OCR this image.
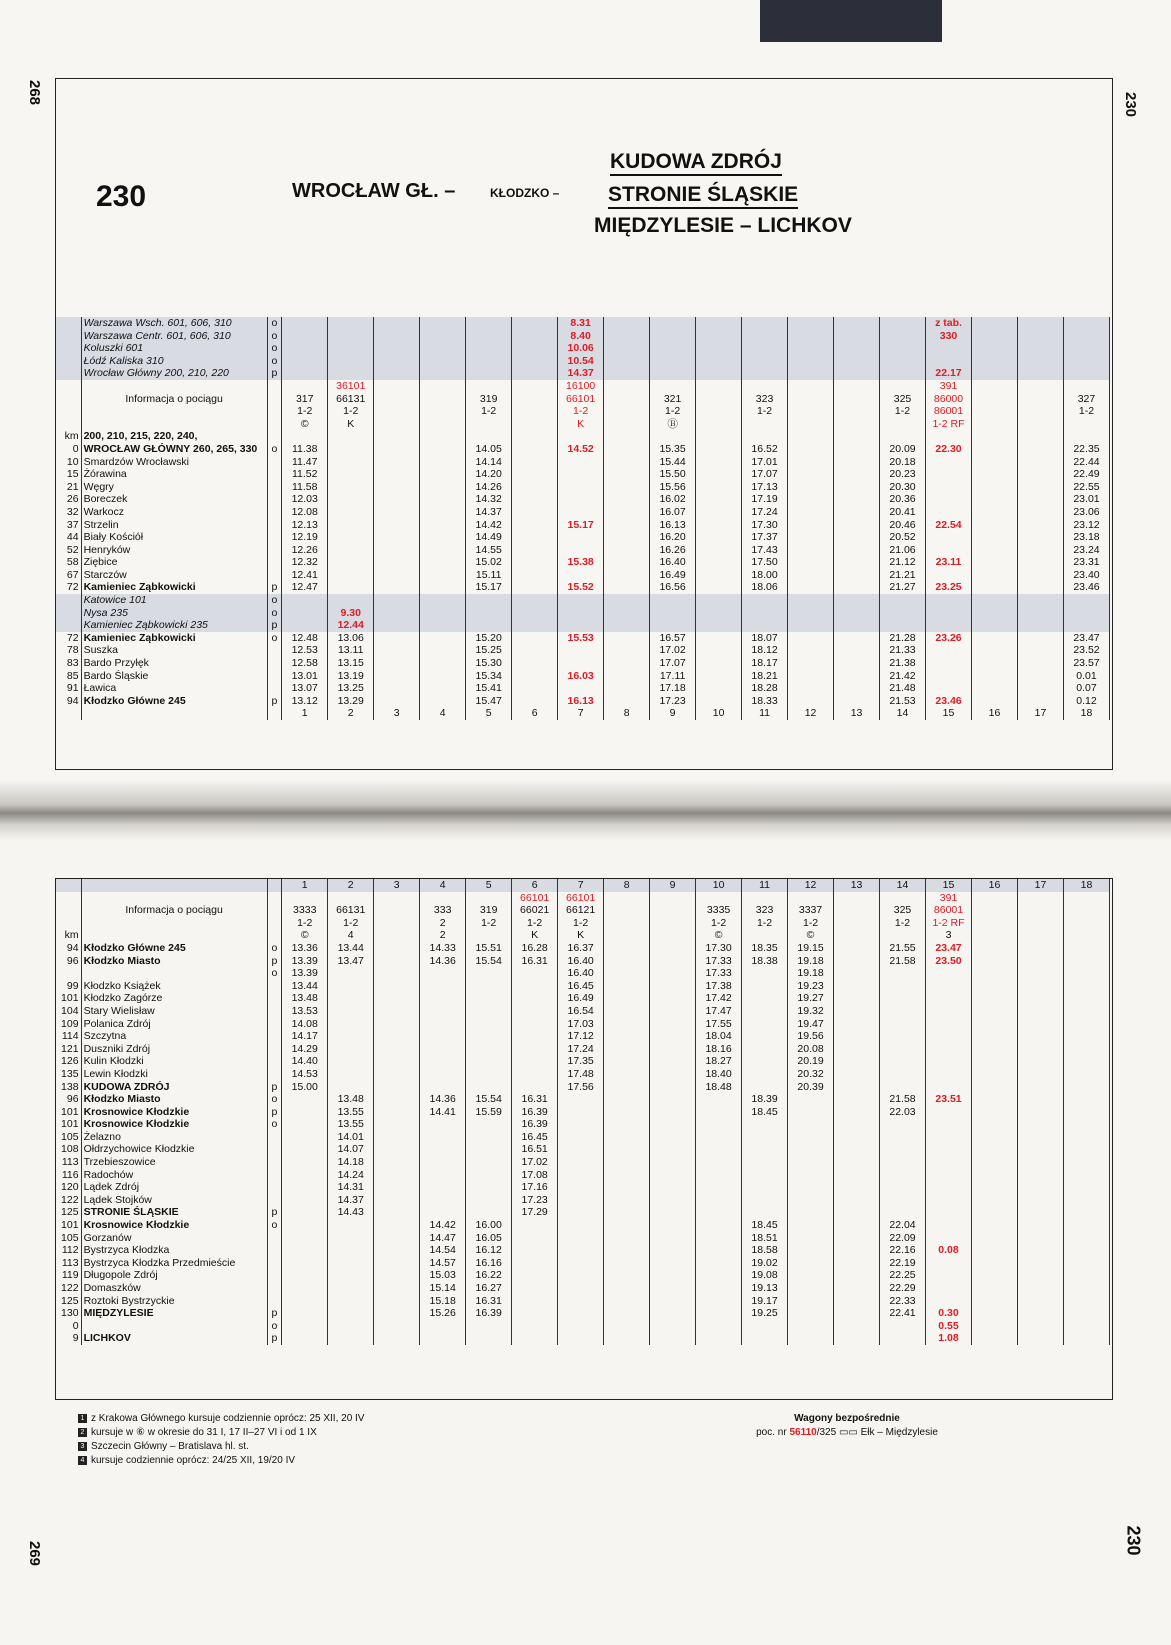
268	230
269	230
230	WROCŁAW GŁ. –	KŁODZKO –
KUDOWA ZDRÓJ
STRONIE ŚLĄSKIE
MIĘDZYLESIE – LICHKOV
	Warszawa Wsch. 601, 606, 310	o							8.31								z tab.			
	Warszawa Centr. 601, 606, 310	o							8.40								330			
	Koluszki 601	o							10.06											
	Łódź Kaliska 310	o							10.54											
	Wrocław Główny 200, 210, 220	p							14.37								22.17			
				36101					16100								391			
	Informacja o pociągu		317	66131			319		66101		321		323			325	86000			327
			1-2	1-2			1-2		1-2		1-2		1-2			1-2	86001			1-2
			©	K					K		Ⓑ						1-2 RF			
km	200, 210, 215, 220, 240,																			
0	WROCŁAW GŁÓWNY 260, 265, 330	o	11.38				14.05		14.52		15.35		16.52			20.09	22.30			22.35
10	Smardzów Wrocławski		11.47				14.14				15.44		17.01			20.18				22.44
15	Żórawina		11.52				14.20				15.50		17.07			20.23				22.49
21	Węgry		11.58				14.26				15.56		17.13			20.30				22.55
26	Boreczek		12.03				14.32				16.02		17.19			20.36				23.01
32	Warkocz		12.08				14.37				16.07		17.24			20.41				23.06
37	Strzelin		12.13				14.42		15.17		16.13		17.30			20.46	22.54			23.12
44	Biały Kościół		12.19				14.49				16.20		17.37			20.52				23.18
52	Henryków		12.26				14.55				16.26		17.43			21.06				23.24
58	Ziębice		12.32				15.02		15.38		16.40		17.50			21.12	23.11			23.31
67	Starczów		12.41				15.11				16.49		18.00			21.21				23.40
72	Kamieniec Ząbkowicki	p	12.47				15.17		15.52		16.56		18.06			21.27	23.25			23.46
	Katowice 101	o																		
	Nysa 235	o		9.30																
	Kamieniec Ząbkowicki 235	p		12.44																
72	Kamieniec Ząbkowicki	o	12.48	13.06			15.20		15.53		16.57		18.07			21.28	23.26			23.47
78	Suszka		12.53	13.11			15.25				17.02		18.12			21.33				23.52
83	Bardo Przyłęk		12.58	13.15			15.30				17.07		18.17			21.38				23.57
85	Bardo Śląskie		13.01	13.19			15.34		16.03		17.11		18.21			21.42				0.01
91	Ławica		13.07	13.25			15.41				17.18		18.28			21.48				0.07
94	Kłodzko Główne 245	p	13.12	13.29			15.47		16.13		17.23		18.33			21.53	23.46			0.12
			1	2	3	4	5	6	7	8	9	10	11	12	13	14	15	16	17	18
			1	2	3	4	5	6	7	8	9	10	11	12	13	14	15	16	17	18
								66101	66101								391			
	Informacja o pociągu		3333	66131		333	319	66021	66121			3335	323	3337		325	86001			
			1-2	1-2		2	1-2	1-2	1-2			1-2	1-2	1-2		1-2	1-2 RF			
km			©	4		2		K	K			©		©			3			
94	Kłodzko Główne 245	o	13.36	13.44		14.33	15.51	16.28	16.37			17.30	18.35	19.15		21.55	23.47			
96	Kłodzko Miasto	p	13.39	13.47		14.36	15.54	16.31	16.40			17.33	18.38	19.18		21.58	23.50			
		o	13.39						16.40			17.33		19.18						
99	Kłodzko Książek		13.44						16.45			17.38		19.23						
101	Kłodzko Zagórze		13.48						16.49			17.42		19.27						
104	Stary Wielisław		13.53						16.54			17.47		19.32						
109	Polanica Zdrój		14.08						17.03			17.55		19.47						
114	Szczytna		14.17						17.12			18.04		19.56						
121	Duszniki Zdrój		14.29						17.24			18.16		20.08						
126	Kulin Kłodzki		14.40						17.35			18.27		20.19						
135	Lewin Kłodzki		14.53						17.48			18.40		20.32						
138	KUDOWA ZDRÓJ	p	15.00						17.56			18.48		20.39						
96	Kłodzko Miasto	o		13.48		14.36	15.54	16.31					18.39			21.58	23.51			
101	Krosnowice Kłodzkie	p		13.55		14.41	15.59	16.39					18.45			22.03				
101	Krosnowice Kłodzkie	o		13.55				16.39												
105	Żelazno			14.01				16.45												
108	Ołdrzychowice Kłodzkie			14.07				16.51												
113	Trzebieszowice			14.18				17.02												
116	Radochów			14.24				17.08												
120	Lądek Zdrój			14.31				17.16												
122	Lądek Stojków			14.37				17.23												
125	STRONIE ŚLĄSKIE	p		14.43				17.29												
101	Krosnowice Kłodzkie	o				14.42	16.00						18.45			22.04				
105	Gorzanów					14.47	16.05						18.51			22.09				
112	Bystrzyca Kłodzka					14.54	16.12						18.58			22.16	0.08			
113	Bystrzyca Kłodzka Przedmieście					14.57	16.16						19.02			22.19				
119	Długopole Zdrój					15.03	16.22						19.08			22.25				
122	Domaszków					15.14	16.27						19.13			22.29				
125	Roztoki Bystrzyckie					15.18	16.31						19.17			22.33				
130	MIĘDZYLESIE	p				15.26	16.39						19.25			22.41	0.30			
0		o															0.55			
9	LICHKOV	p															1.08			
1 z Krakowa Głównego kursuje codziennie oprócz: 25 XII, 20 IV
2 kursuje w ⑥ w okresie do 31 I, 17 II–27 VI i od 1 IX
3 Szczecin Główny – Bratislava hl. st.
4 kursuje codziennie oprócz: 24/25 XII, 19/20 IV
Wagony bezpośrednie
poc. nr 56110/325 ▭▭ Ełk – Międzylesie
